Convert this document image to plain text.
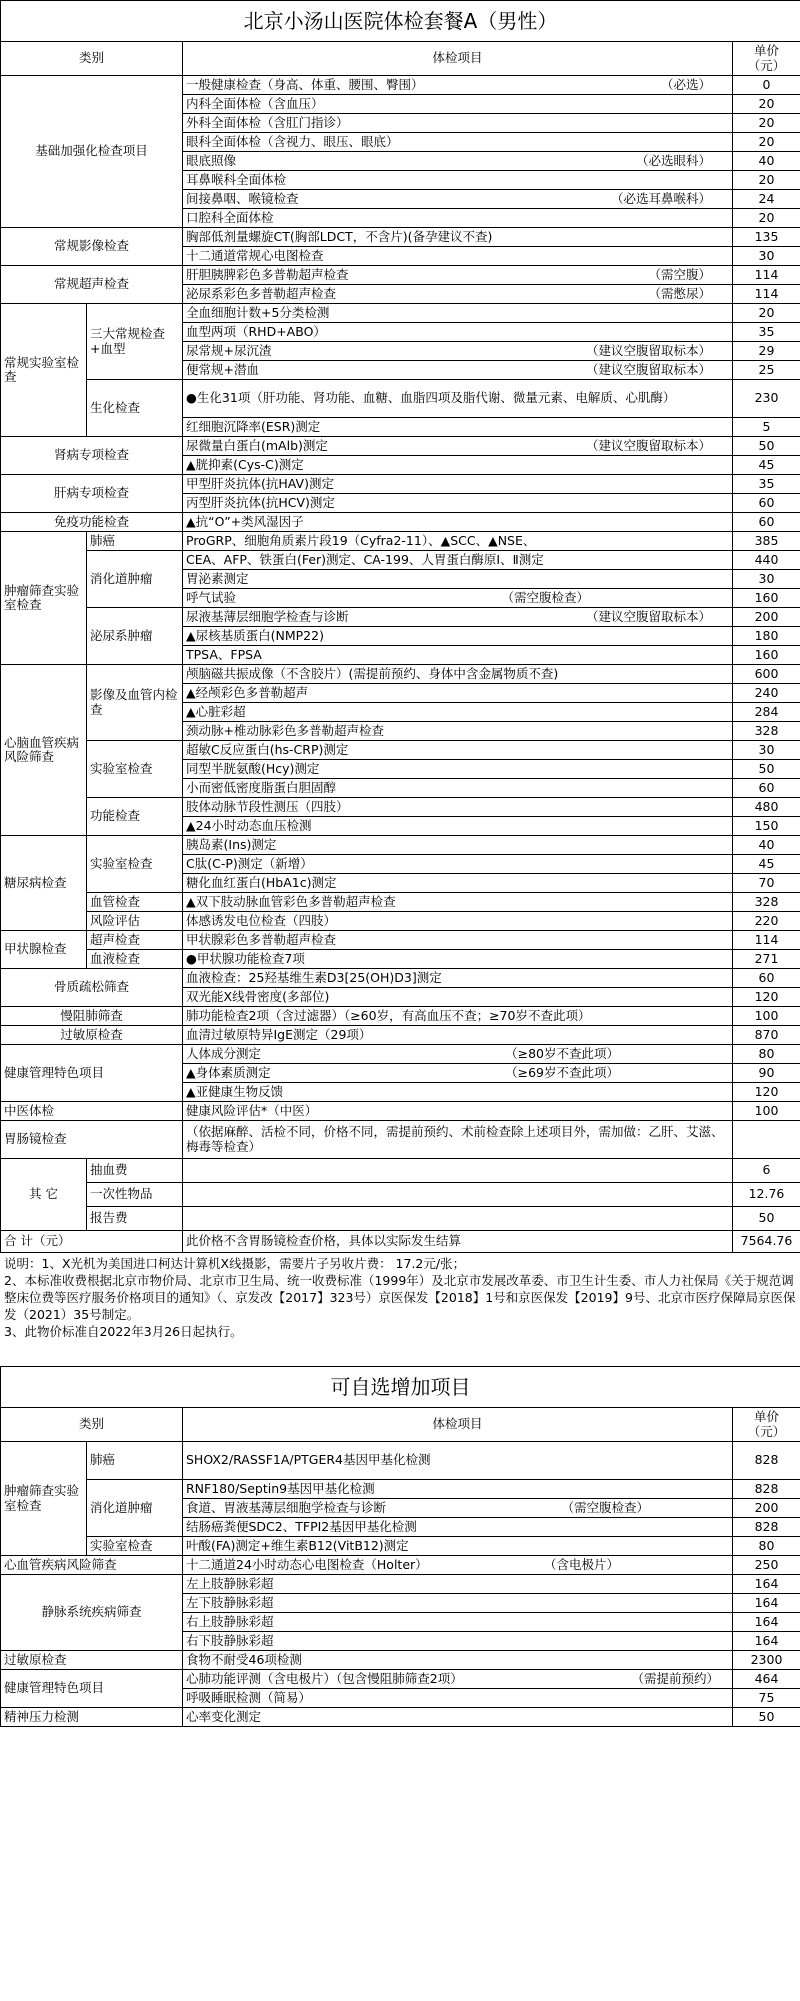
北京小汤山医院体检套餐A（男性）			
类别		体检项目	单价
（元）
基础加强化检查项目		一般健康检查（身高、体重、腰围、臀围） （必选）	0
		内科全面体检（含血压）	20
		外科全面体检（含肛门指诊）	20
		眼科全面体检（含视力、眼压、眼底）	20
		眼底照像 （必选眼科）	40
		耳鼻喉科全面体检	20
		间接鼻咽、喉镜检查 （必选耳鼻喉科）	24
		口腔科全面体检	20
常规影像检查		胸部低剂量螺旋CT(胸部LDCT，不含片)(备孕建议不查)	135
		十二通道常规心电图检查	30
常规超声检查		肝胆胰脾彩色多普勒超声检查 （需空腹）	114
		泌尿系彩色多普勒超声检查 （需憋尿）	114
常规实验室检查	三大常规检查+血型	全血细胞计数+5分类检测	20
		血型两项（RHD+ABO）	35
		尿常规+尿沉渣 （建议空腹留取标本）	29
		便常规+潜血 （建议空腹留取标本）	25
	生化检查	●生化31项（肝功能、肾功能、血糖、血脂四项及脂代谢、微量元素、电解质、心肌酶）	230
		红细胞沉降率(ESR)测定	5
肾病专项检查		尿微量白蛋白(mAlb)测定 （建议空腹留取标本）	50
		▲胱抑素(Cys-C)测定	45
肝病专项检查		甲型肝炎抗体(抗HAV)测定	35
		丙型肝炎抗体(抗HCV)测定	60
免疫功能检查		▲抗“O”+类风湿因子	60
肿瘤筛查实验室检查	肺癌	ProGRP、细胞角质素片段19（Cyfra2-11）、▲SCC、▲NSE、	385
	消化道肿瘤	CEA、AFP、铁蛋白(Fer)测定、CA-199、人胃蛋白酶原Ⅰ、Ⅱ测定	440
		胃泌素测定	30
		呼气试验 （需空腹检查）	160
	泌尿系肿瘤	尿液基薄层细胞学检查与诊断 （建议空腹留取标本）	200
		▲尿核基质蛋白(NMP22)	180
		TPSA、FPSA	160
心脑血管疾病风险筛查	影像及血管内检查	颅脑磁共振成像（不含胶片）(需提前预约、身体中含金属物质不查)	600
		▲经颅彩色多普勒超声	240
		▲心脏彩超	284
		颈动脉+椎动脉彩色多普勒超声检查	328
	实验室检查	超敏C反应蛋白(hs-CRP)测定	30
		同型半胱氨酸(Hcy)测定	50
		小而密低密度脂蛋白胆固醇	60
	功能检查	肢体动脉节段性测压（四肢）	480
		▲24小时动态血压检测	150
糖尿病检查	实验室检查	胰岛素(Ins)测定	40
		C肽(C-P)测定（新增）	45
		糖化血红蛋白(HbA1c)测定	70
	血管检查	▲双下肢动脉血管彩色多普勒超声检查	328
	风险评估	体感诱发电位检查（四肢）	220
甲状腺检查	超声检查	甲状腺彩色多普勒超声检查	114
	血液检查	●甲状腺功能检查7项	271
骨质疏松筛查		血液检查：25羟基维生素D3[25(OH)D3]测定	60
		双光能X线骨密度(多部位)	120
慢阻肺筛查		肺功能检查2项（含过滤器）（≥60岁，有高血压不查；≥70岁不查此项）	100
过敏原检查		血清过敏原特异IgE测定（29项）	870
健康管理特色项目		人体成分测定 （≥80岁不查此项）	80
		▲身体素质测定 （≥69岁不查此项）	90
		▲亚健康生物反馈	120
中医体检		健康风险评估*（中医）	100
胃肠镜检查		（依据麻醉、活检不同，价格不同，需提前预约、术前检查除上述项目外，需加做：乙肝、艾滋、梅毒等检查）	
其 它	抽血费		6
	一次性物品		12.76
	报告费		50
合 计（元）		此价格不含胃肠镜检查价格，具体以实际发生结算	7564.76
说明：1、X光机为美国进口柯达计算机X线摄影，需要片子另收片费： 17.2元/张；
2、本标准收费根据北京市物价局、北京市卫生局、统一收费标准（1999年）及北京市发展改革委、市卫生计生委、市人力社保局《关于规范调整床位费等医疗服务价格项目的通知》（、京发改【2017】323号）京医保发【2018】1号和京医保发【2019】9号、北京市医疗保障局京医保发（2021）35号制定。
3、此物价标准自2022年3月26日起执行。
可自选增加项目			
类别		体检项目	单价
（元）
肿瘤筛查实验室检查	肺癌	SHOX2/RASSF1A/PTGER4基因甲基化检测	828
	消化道肿瘤	RNF180/Septin9基因甲基化检测	828
		食道、胃液基薄层细胞学检查与诊断 （需空腹检查）	200
		结肠癌粪便SDC2、TFPI2基因甲基化检测	828
	实验室检查	叶酸(FA)测定+维生素B12(VitB12)测定	80
心血管疾病风险筛查		十二通道24小时动态心电图检查（Holter） （含电极片）	250
静脉系统疾病筛查		左上肢静脉彩超	164
		左下肢静脉彩超	164
		右上肢静脉彩超	164
		右下肢静脉彩超	164
过敏原检查		食物不耐受46项检测	2300
健康管理特色项目		心肺功能评测（含电极片）（包含慢阻肺筛查2项） （需提前预约）	464
		呼吸睡眠检测（简易）	75
精神压力检测		心率变化测定	50
